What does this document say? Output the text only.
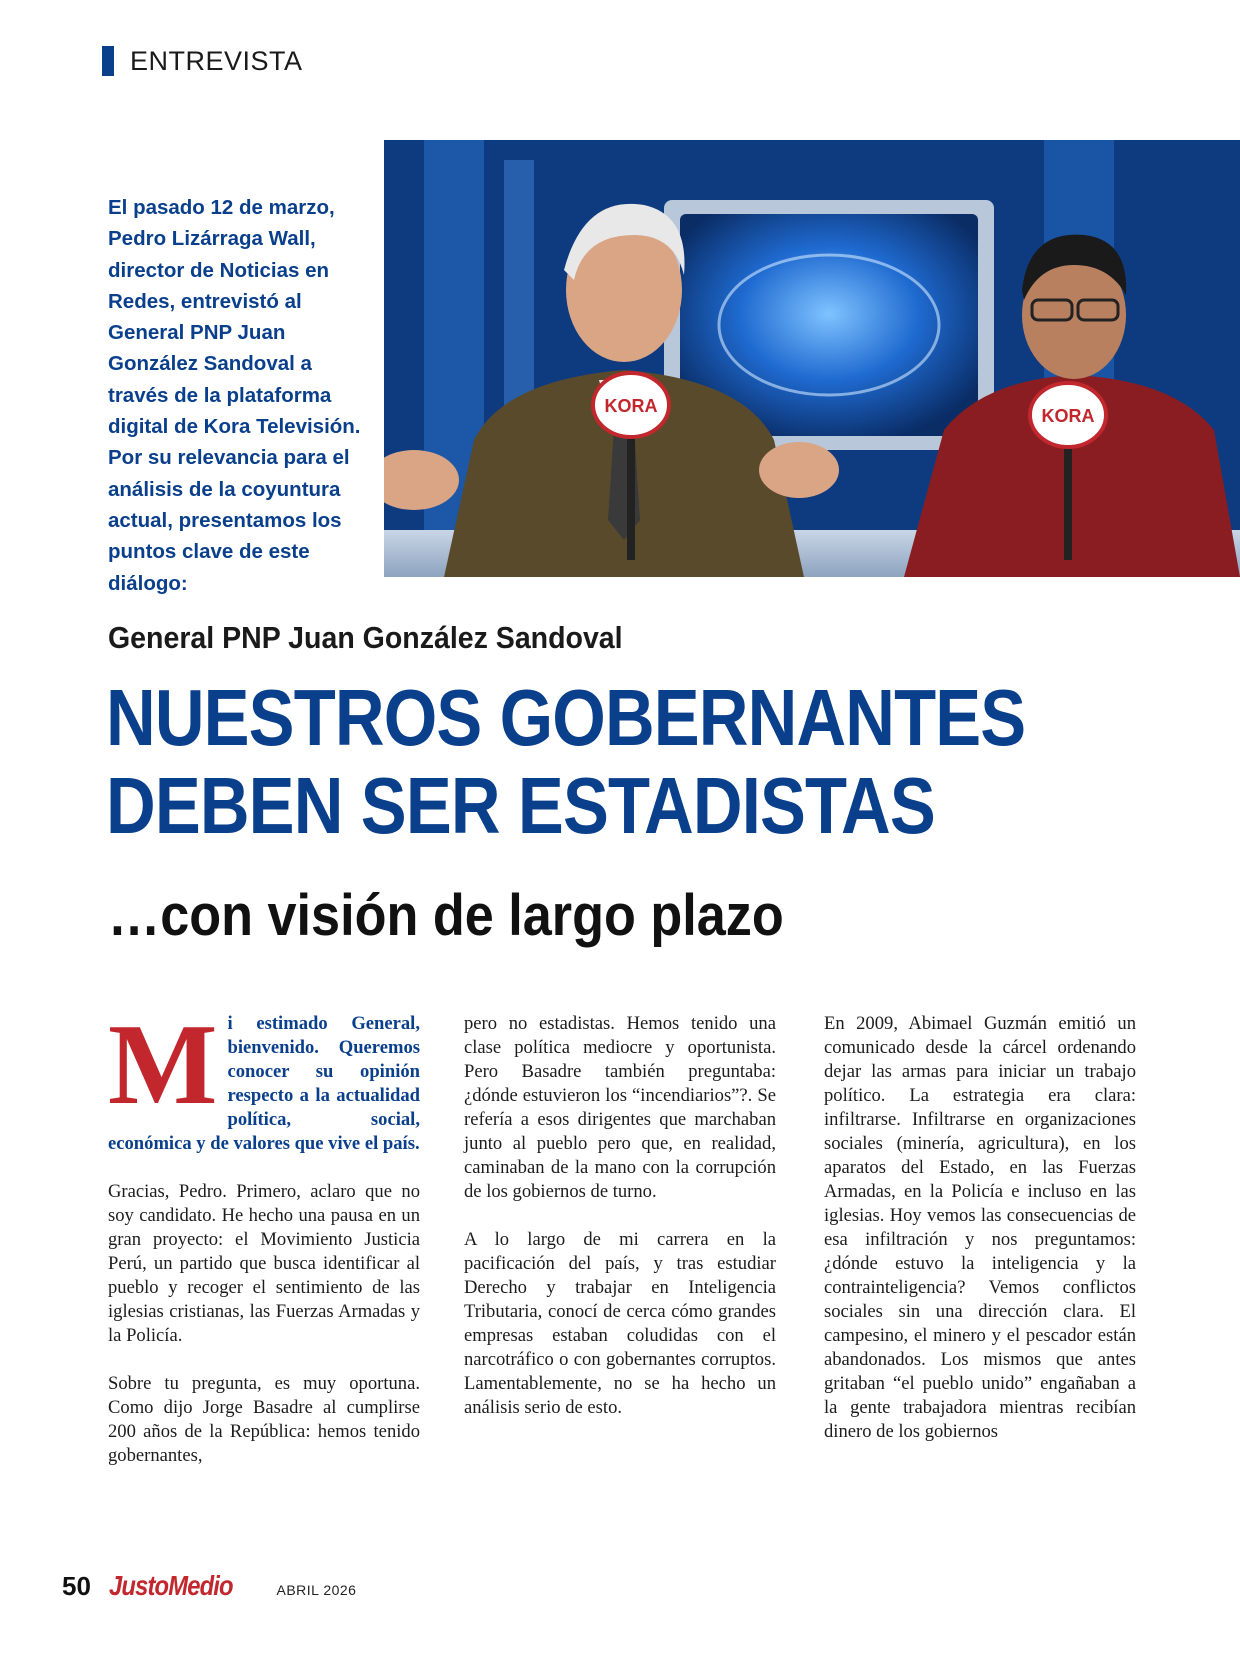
ENTREVISTA
El pasado 12 de marzo, Pedro Lizárraga Wall, director de Noticias en Redes, entrevistó al General PNP Juan González Sandoval a través de la plataforma digital de Kora Televisión. Por su relevancia para el análisis de la coyuntura actual, presentamos los puntos clave de este diálogo:
KORA	KORA
General PNP Juan González Sandoval
NUESTROS GOBERNANTES
DEBEN SER ESTADISTAS
…con visión de largo plazo

Mi estimado General, bienvenido. Queremos conocer su opinión respecto a la actualidad política, social, económica y de valores que vive el país.

Gracias, Pedro. Primero, aclaro que no soy candidato. He hecho una pausa en un gran proyecto: el Movimiento Justicia Perú, un partido que busca identificar al pueblo y recoger el sentimiento de las iglesias cristianas, las Fuerzas Armadas y la Policía.

Sobre tu pregunta, es muy oportuna. Como dijo Jorge Basadre al cumplirse 200 años de la República: hemos tenido gobernantes,

pero no estadistas. Hemos tenido una clase política mediocre y oportunista. Pero Basadre también preguntaba: ¿dónde estuvieron los “incendiarios”?. Se refería a esos dirigentes que marchaban junto al pueblo pero que, en realidad, caminaban de la mano con la corrupción de los gobiernos de turno.

A lo largo de mi carrera en la pacificación del país, y tras estudiar Derecho y trabajar en Inteligencia Tributaria, conocí de cerca cómo grandes empresas estaban coludidas con el narcotráfico o con gobernantes corruptos. Lamentablemente, no se ha hecho un análisis serio de esto.

En 2009, Abimael Guzmán emitió un comunicado desde la cárcel ordenando dejar las armas para iniciar un trabajo político. La estrategia era clara: infiltrarse. Infiltrarse en organizaciones sociales (minería, agricultura), en los aparatos del Estado, en las Fuerzas Armadas, en la Policía e incluso en las iglesias. Hoy vemos las consecuencias de esa infiltración y nos preguntamos: ¿dónde estuvo la inteligencia y la contrainteligencia? Vemos conflictos sociales sin una dirección clara. El campesino, el minero y el pescador están abandonados. Los mismos que antes gritaban “el pueblo unido” engañaban a la gente trabajadora mientras recibían dinero de los gobiernos

50 JustoMedio	ABRIL 2026
